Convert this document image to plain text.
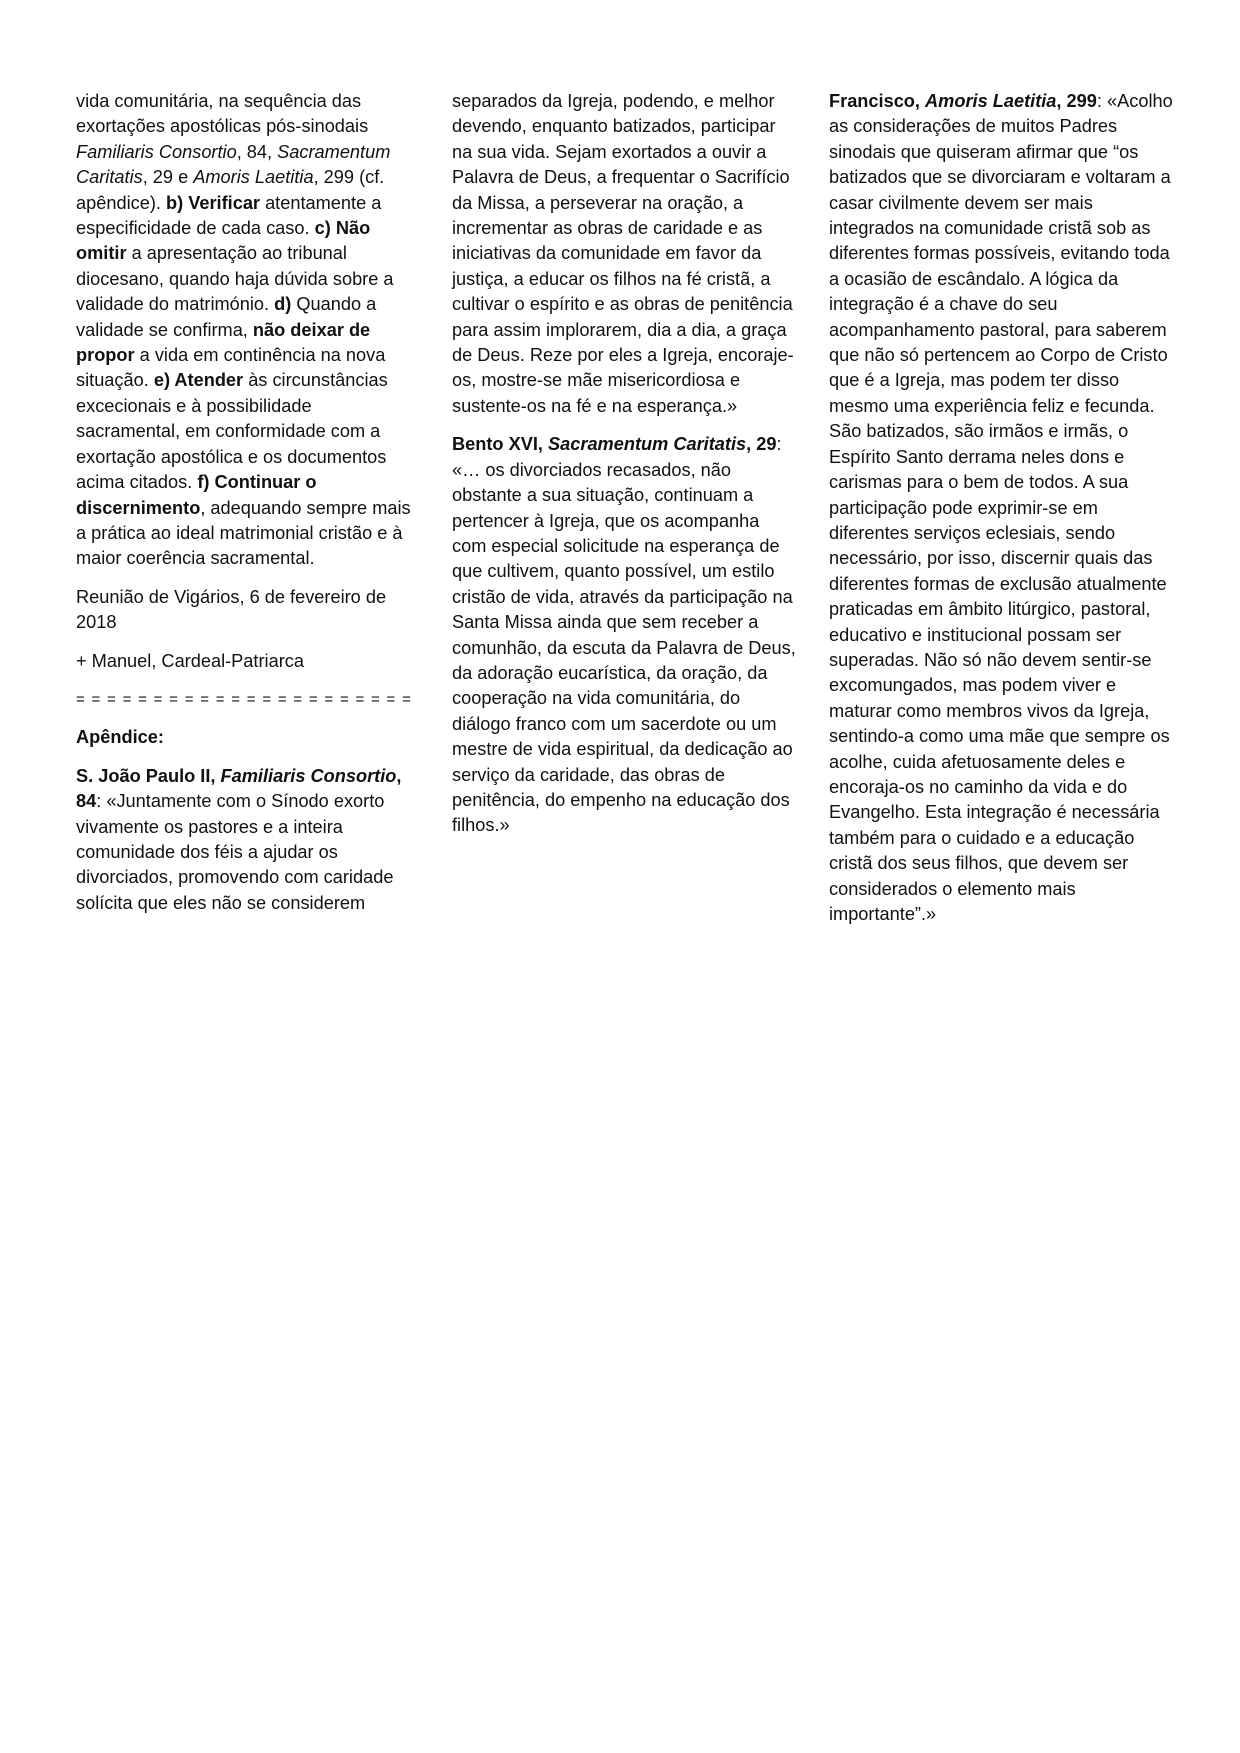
vida comunitária, na sequência das exortações apostólicas pós-sinodais Familiaris Consortio, 84, Sacramentum Caritatis, 29 e Amoris Laetitia, 299 (cf. apêndice). b) Verificar atentamente a especificidade de cada caso. c) Não omitir a apresentação ao tribunal diocesano, quando haja dúvida sobre a validade do matrimónio. d) Quando a validade se confirma, não deixar de propor a vida em continência na nova situação. e) Atender às circunstâncias excecionais e à possibilidade sacramental, em conformidade com a exortação apostólica e os documentos acima citados. f) Continuar o discernimento, adequando sempre mais a prática ao ideal matrimonial cristão e à maior coerência sacramental.

Reunião de Vigários, 6 de fevereiro de 2018

+ Manuel, Cardeal-Patriarca

= = = = = = = = = = = = = = = = = = = = = =

Apêndice:

S. João Paulo II, Familiaris Consortio, 84: «Juntamente com o Sínodo exorto vivamente os pastores e a inteira comunidade dos féis a ajudar os divorciados, promovendo com caridade solícita que eles não se considerem

separados da Igreja, podendo, e melhor devendo, enquanto batizados, participar na sua vida. Sejam exortados a ouvir a Palavra de Deus, a frequentar o Sacrifício da Missa, a perseverar na oração, a incrementar as obras de caridade e as iniciativas da comunidade em favor da justiça, a educar os filhos na fé cristã, a cultivar o espírito e as obras de penitência para assim implorarem, dia a dia, a graça de Deus. Reze por eles a Igreja, encoraje-os, mostre-se mãe misericordiosa e sustente-os na fé e na esperança.»

Bento XVI, Sacramentum Caritatis, 29: «… os divorciados recasados, não obstante a sua situação, continuam a pertencer à Igreja, que os acompanha com especial solicitude na esperança de que cultivem, quanto possível, um estilo cristão de vida, através da participação na Santa Missa ainda que sem receber a comunhão, da escuta da Palavra de Deus, da adoração eucarística, da oração, da cooperação na vida comunitária, do diálogo franco com um sacerdote ou um mestre de vida espiritual, da dedicação ao serviço da caridade, das obras de penitência, do empenho na educação dos filhos.»

Francisco, Amoris Laetitia, 299: «Acolho as considerações de muitos Padres sinodais que quiseram afirmar que “os batizados que se divorciaram e voltaram a casar civilmente devem ser mais integrados na comunidade cristã sob as diferentes formas possíveis, evitando toda a ocasião de escândalo. A lógica da integração é a chave do seu acompanhamento pastoral, para saberem que não só pertencem ao Corpo de Cristo que é a Igreja, mas podem ter disso mesmo uma experiência feliz e fecunda. São batizados, são irmãos e irmãs, o Espírito Santo derrama neles dons e carismas para o bem de todos. A sua participação pode exprimir-se em diferentes serviços eclesiais, sendo necessário, por isso, discernir quais das diferentes formas de exclusão atualmente praticadas em âmbito litúrgico, pastoral, educativo e institucional possam ser superadas. Não só não devem sentir-se excomungados, mas podem viver e maturar como membros vivos da Igreja, sentindo-a como uma mãe que sempre os acolhe, cuida afetuosamente deles e encoraja-os no caminho da vida e do Evangelho. Esta integração é necessária também para o cuidado e a educação cristã dos seus filhos, que devem ser considerados o elemento mais importante”.»
